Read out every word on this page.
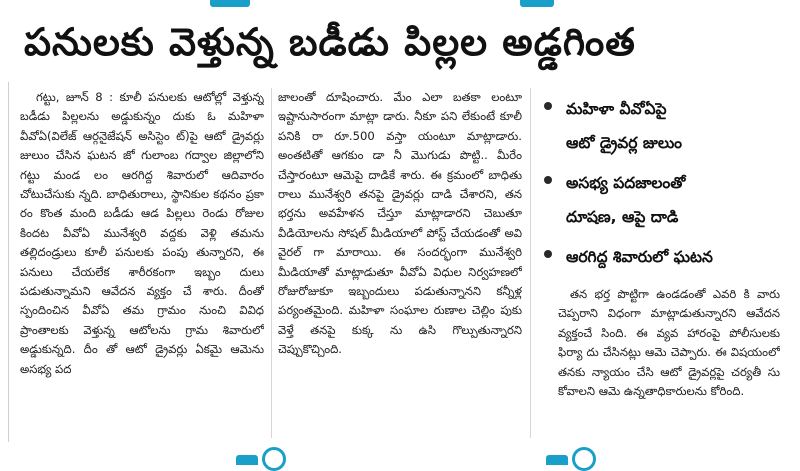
పనులకు వెళ్తున్న బడీడు పిల్లల అడ్డగింత
గట్టు, జూన్ 8 : కూలీ పనులకు ఆటోల్లో వెళ్తున్న బడీడు పిల్లలను అడ్డుకున్నం దుకు ఓ మహిళా వీవోఏ(విలేజ్ ఆర్గనైజేషన్ అసిస్టెం ట్)పై ఆటో డ్రైవర్లు జులుం చేసిన ఘటన జో గులాంబ గద్వాల జిల్లాలోని గట్టు మండ లం ఆరగిద్ద శివారులో ఆదివారం చోటుచేసుకు న్నది. బాధితురాలు, స్థానికుల కథనం ప్రకా రం కొంత మంది బడీడు ఆడ పిల్లలు రెండు రోజుల కిందట వీవోఏ మునేశ్వరి వద్దకు వెళ్లి తమను తల్లిదండ్రులు కూలీ పనులకు పంపు తున్నారని, ఈ పనులు చేయలేక శారీరకంగా ఇబ్బం దులు పడుతున్నామని ఆవేదన వ్యక్తం చే శారు. దీంతో స్పందించిన వీవోఏ తమ గ్రామం నుంచి వివిధ ప్రాంతాలకు వెళ్తున్న ఆటోలను గ్రామ శివారులో అడ్డుకున్నది. దీం తో ఆటో డ్రైవర్లు ఏకమై ఆమెను అసభ్య పద
జాలంతో దూషించారు. మేం ఎలా బతకా లంటూ ఇష్టానుసారంగా మాట్లా డారు. నీకూ పని లేకుంటే కూలీ పనికి రా రూ.500 వస్తా యంటూ మాట్లాడారు. అంతటితో ఆగకుం డా నీ మొగుడు పొట్టి.. మీరేం చేస్తారంటూ ఆమెపై దాడికే శారు. ఈ క్రమంలో బాధితు రాలు మునేశ్వరి తనపై డ్రైవర్లు దాడి చేశారని, తన భర్తను అవహేళన చేస్తూ మాట్లాడారని చెబుతూ వీడియోలను సోషల్ మీడియాలో పోస్ట్ చేయడంతో అవి వైరల్ గా మారాయి. ఈ సందర్భంగా మునేశ్వరి మీడియాతో మాట్లాడుతూ వీవోఏ విధుల నిర్వహణలో రోజురోజుకూ ఇబ్బందులు పడుతున్నానని కన్నీళ్ల పర్యంతమైంది. మహిళా సంఘాల రుణాల చెల్లిం పుకు వెళ్తే తనపై కుక్క ను ఉసి గొల్పుతున్నారని చెప్పుకొచ్చింది.
మహిళా వీవోఏపై
ఆటో డ్రైవర్ల జులుం
అసభ్య పదజాలంతో
దూషణ, ఆపై దాడి
ఆరగిద్ద శివారులో ఘటన
తన భర్త పొట్టిగా ఉండడంతో ఎవరి కి వారు చెప్పరాని విధంగా మాట్లాడుతున్నారని ఆవేదన వ్యక్తంచే సింది. ఈ వ్యవ హారంపై పోలీసులకు ఫిర్యా దు చేసినట్లు ఆమె చెప్పారు. ఈ విషయంలో తనకు న్యాయం చేసి ఆటో డ్రైవర్లపై చర్యతీ సు కోవాలని ఆమె ఉన్నతాధికారులను కోరింది.
